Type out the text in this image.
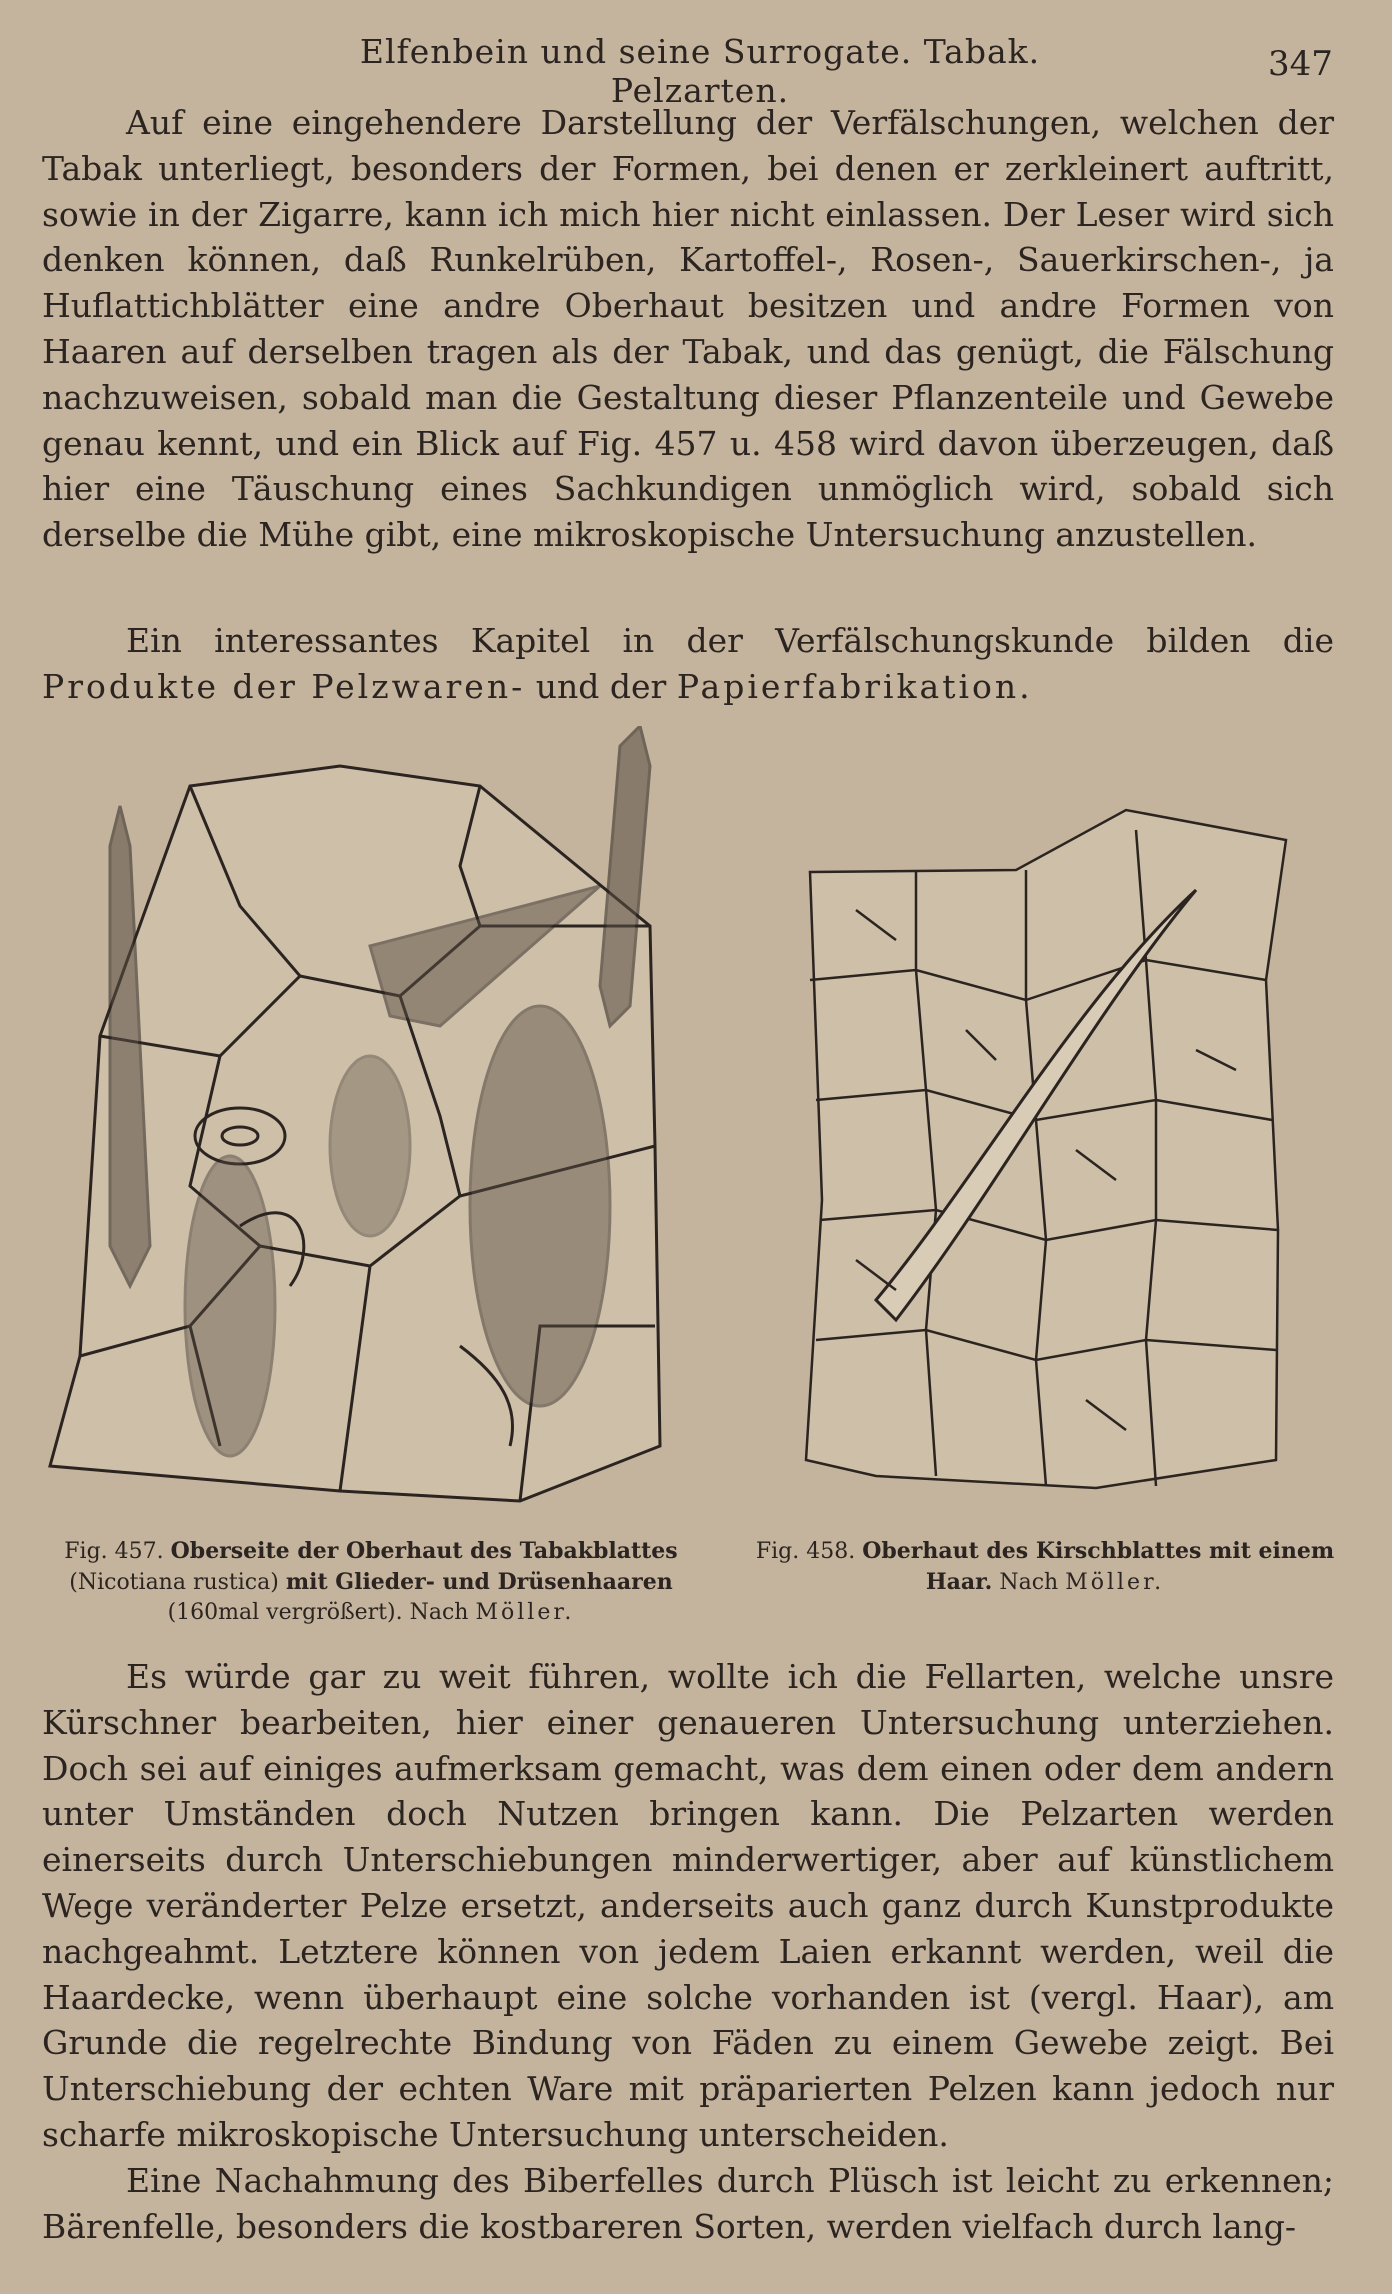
Elfenbein und seine Surrogate. Tabak. Pelzarten.
347

Auf eine eingehendere Darstellung der Verfälschungen, welchen der Tabak unterliegt, besonders der Formen, bei denen er zerkleinert auftritt, sowie in der Zigarre, kann ich mich hier nicht einlassen. Der Leser wird sich denken können, daß Runkelrüben, Kartoffel-, Rosen-, Sauerkirschen-, ja Huflattichblätter eine andre Oberhaut besitzen und andre Formen von Haaren auf derselben tragen als der Tabak, und das genügt, die Fälschung nachzuweisen, sobald man die Gestaltung dieser Pflanzenteile und Gewebe genau kennt, und ein Blick auf Fig. 457 u. 458 wird davon überzeugen, daß hier eine Täuschung eines Sachkundigen unmöglich wird, sobald sich derselbe die Mühe gibt, eine mikroskopische Untersuchung anzustellen.

Ein interessantes Kapitel in der Verfälschungskunde bilden die Produkte der Pelzwaren- und der Papierfabrikation.

Fig. 457. Oberseite der Oberhaut des Tabakblattes (Nicotiana rustica) mit Glieder- und Drüsenhaaren (160mal vergrößert). Nach Möller.

Fig. 458. Oberhaut des Kirschblattes mit einem Haar. Nach Möller.

Es würde gar zu weit führen, wollte ich die Fellarten, welche unsre Kürschner bearbeiten, hier einer genaueren Untersuchung unterziehen. Doch sei auf einiges aufmerksam gemacht, was dem einen oder dem andern unter Umständen doch Nutzen bringen kann. Die Pelzarten werden einerseits durch Unterschiebungen minderwertiger, aber auf künstlichem Wege veränderter Pelze ersetzt, anderseits auch ganz durch Kunstprodukte nachgeahmt. Letztere können von jedem Laien erkannt werden, weil die Haardecke, wenn überhaupt eine solche vorhanden ist (vergl. Haar), am Grunde die regelrechte Bindung von Fäden zu einem Gewebe zeigt. Bei Unterschiebung der echten Ware mit präparierten Pelzen kann jedoch nur scharfe mikroskopische Untersuchung unterscheiden.

Eine Nachahmung des Biberfelles durch Plüsch ist leicht zu erkennen; Bärenfelle, besonders die kostbareren Sorten, werden vielfach durch lang-
